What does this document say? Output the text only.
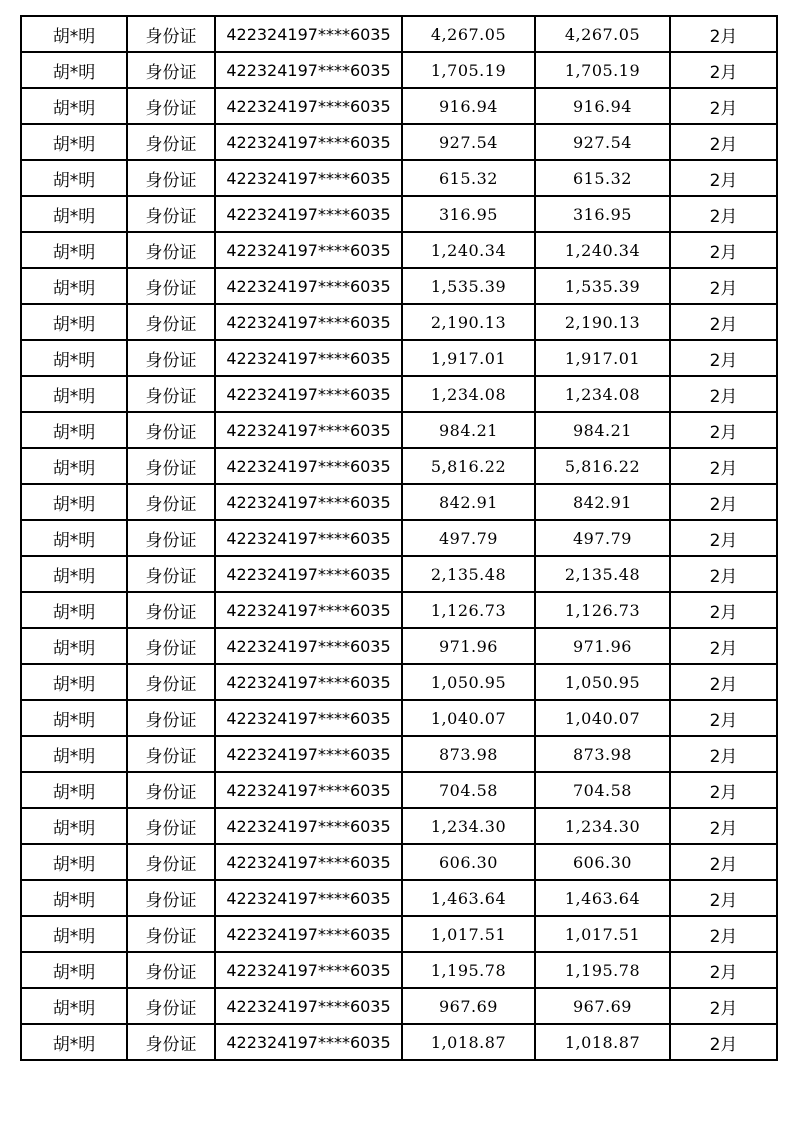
胡*明	身份证	422324197****6035	4,267.05	4,267.05	2月
胡*明	身份证	422324197****6035	1,705.19	1,705.19	2月
胡*明	身份证	422324197****6035	916.94	916.94	2月
胡*明	身份证	422324197****6035	927.54	927.54	2月
胡*明	身份证	422324197****6035	615.32	615.32	2月
胡*明	身份证	422324197****6035	316.95	316.95	2月
胡*明	身份证	422324197****6035	1,240.34	1,240.34	2月
胡*明	身份证	422324197****6035	1,535.39	1,535.39	2月
胡*明	身份证	422324197****6035	2,190.13	2,190.13	2月
胡*明	身份证	422324197****6035	1,917.01	1,917.01	2月
胡*明	身份证	422324197****6035	1,234.08	1,234.08	2月
胡*明	身份证	422324197****6035	984.21	984.21	2月
胡*明	身份证	422324197****6035	5,816.22	5,816.22	2月
胡*明	身份证	422324197****6035	842.91	842.91	2月
胡*明	身份证	422324197****6035	497.79	497.79	2月
胡*明	身份证	422324197****6035	2,135.48	2,135.48	2月
胡*明	身份证	422324197****6035	1,126.73	1,126.73	2月
胡*明	身份证	422324197****6035	971.96	971.96	2月
胡*明	身份证	422324197****6035	1,050.95	1,050.95	2月
胡*明	身份证	422324197****6035	1,040.07	1,040.07	2月
胡*明	身份证	422324197****6035	873.98	873.98	2月
胡*明	身份证	422324197****6035	704.58	704.58	2月
胡*明	身份证	422324197****6035	1,234.30	1,234.30	2月
胡*明	身份证	422324197****6035	606.30	606.30	2月
胡*明	身份证	422324197****6035	1,463.64	1,463.64	2月
胡*明	身份证	422324197****6035	1,017.51	1,017.51	2月
胡*明	身份证	422324197****6035	1,195.78	1,195.78	2月
胡*明	身份证	422324197****6035	967.69	967.69	2月
胡*明	身份证	422324197****6035	1,018.87	1,018.87	2月
